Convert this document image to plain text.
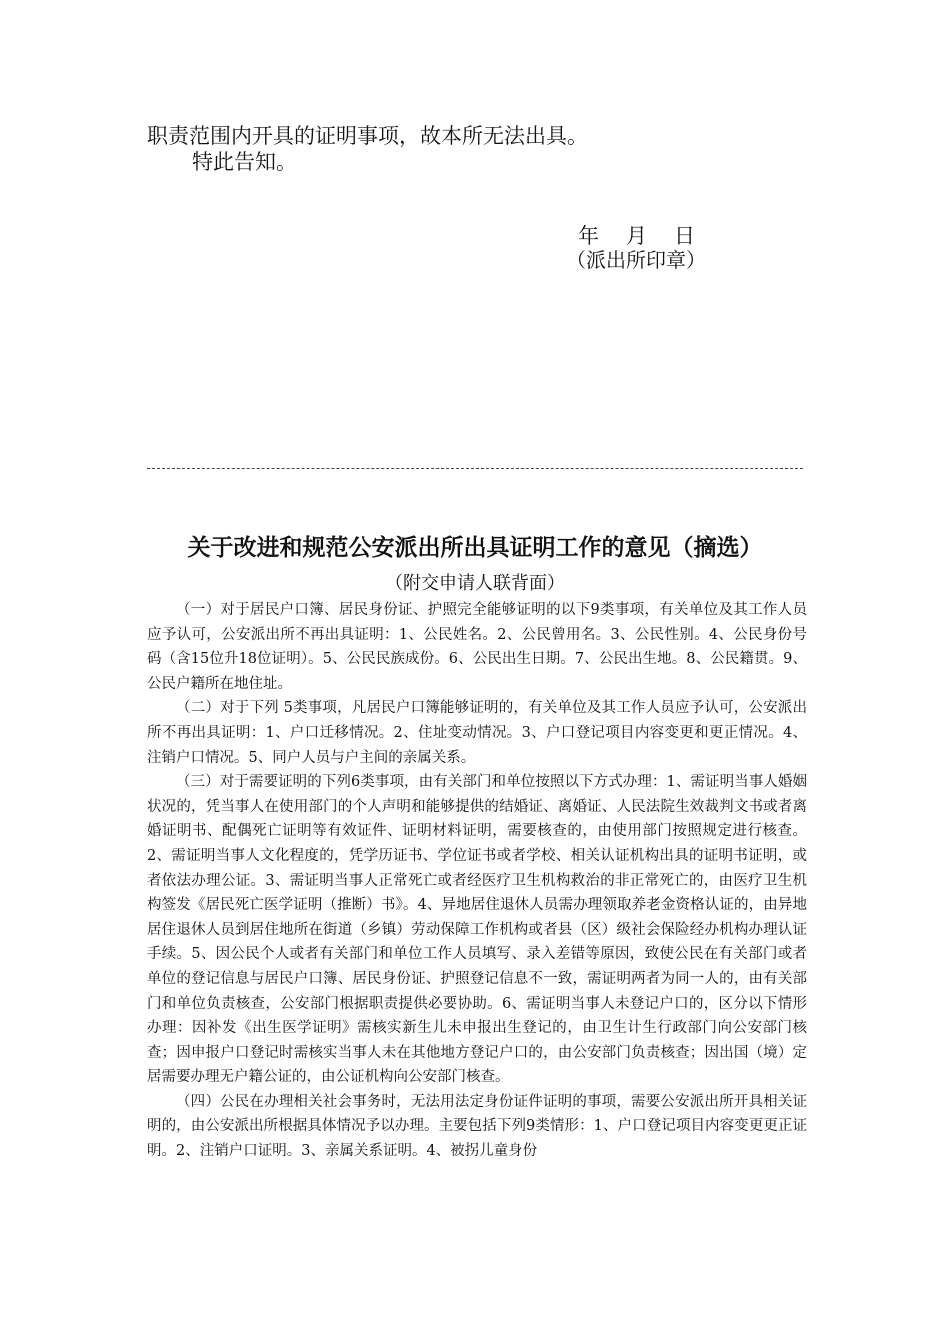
职责范围内开具的证明事项，故本所无法出具。
特此告知。
年 月 日
（派出所印章）
关于改进和规范公安派出所出具证明工作的意见（摘选）
（附交申请人联背面）

（一）对于居民户口簿、居民身份证、护照完全能够证明的以下9类事项，有关单位及其工作人员应予认可，公安派出所不再出具证明：1、公民姓名。2、公民曾用名。3、公民性别。4、公民身份号码（含15位升18位证明）。5、公民民族成份。6、公民出生日期。7、公民出生地。8、公民籍贯。9、公民户籍所在地住址。

（二）对于下列 5类事项，凡居民户口簿能够证明的，有关单位及其工作人员应予认可，公安派出所不再出具证明：1、户口迁移情况。2、住址变动情况。3、户口登记项目内容变更和更正情况。4、注销户口情况。5、同户人员与户主间的亲属关系。

（三）对于需要证明的下列6类事项，由有关部门和单位按照以下方式办理：1、需证明当事人婚姻状况的，凭当事人在使用部门的个人声明和能够提供的结婚证、离婚证、人民法院生效裁判文书或者离婚证明书、配偶死亡证明等有效证件、证明材料证明，需要核查的，由使用部门按照规定进行核查。2、需证明当事人文化程度的，凭学历证书、学位证书或者学校、相关认证机构出具的证明书证明，或者依法办理公证。3、需证明当事人正常死亡或者经医疗卫生机构救治的非正常死亡的，由医疗卫生机构签发《居民死亡医学证明（推断）书》。4、异地居住退休人员需办理领取养老金资格认证的，由异地居住退休人员到居住地所在街道（乡镇）劳动保障工作机构或者县（区）级社会保险经办机构办理认证手续。5、因公民个人或者有关部门和单位工作人员填写、录入差错等原因，致使公民在有关部门或者单位的登记信息与居民户口簿、居民身份证、护照登记信息不一致，需证明两者为同一人的，由有关部门和单位负责核查，公安部门根据职责提供必要协助。6、需证明当事人未登记户口的，区分以下情形办理：因补发《出生医学证明》需核实新生儿未申报出生登记的，由卫生计生行政部门向公安部门核查；因申报户口登记时需核实当事人未在其他地方登记户口的，由公安部门负责核查；因出国（境）定居需要办理无户籍公证的，由公证机构向公安部门核查。

（四）公民在办理相关社会事务时，无法用法定身份证件证明的事项，需要公安派出所开具相关证明的，由公安派出所根据具体情况予以办理。主要包括下列9类情形：1、户口登记项目内容变更更正证明。2、注销户口证明。3、亲属关系证明。4、被拐儿童身份
